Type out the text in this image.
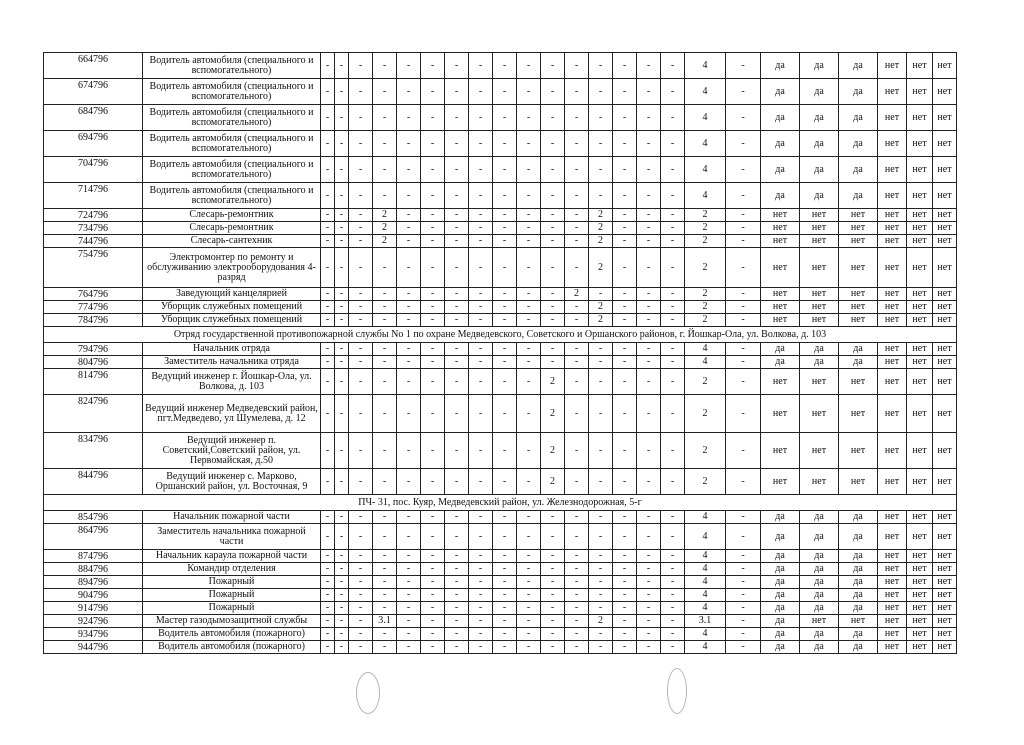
664796	Водитель автомобиля (специального и вспомогательного)	-	-	-	-	-	-	-	-	-	-	-	-	-	-	-	-	4	-	да	да	да	нет	нет	нет
674796	Водитель автомобиля (специального и вспомогательного)	-	-	-	-	-	-	-	-	-	-	-	-	-	-	-	-	4	-	да	да	да	нет	нет	нет
684796	Водитель автомобиля (специального и вспомогательного)	-	-	-	-	-	-	-	-	-	-	-	-	-	-	-	-	4	-	да	да	да	нет	нет	нет
694796	Водитель автомобиля (специального и вспомогательного)	-	-	-	-	-	-	-	-	-	-	-	-	-	-	-	-	4	-	да	да	да	нет	нет	нет
704796	Водитель автомобиля (специального и вспомогательного)	-	-	-	-	-	-	-	-	-	-	-	-	-	-	-	-	4	-	да	да	да	нет	нет	нет
714796	Водитель автомобиля (специального и вспомогательного)	-	-	-	-	-	-	-	-	-	-	-	-	-	-	-	-	4	-	да	да	да	нет	нет	нет
724796	Слесарь-ремонтник	-	-	-	2	-	-	-	-	-	-	-	-	2	-	-	-	2	-	нет	нет	нет	нет	нет	нет
734796	Слесарь-ремонтник	-	-	-	2	-	-	-	-	-	-	-	-	2	-	-	-	2	-	нет	нет	нет	нет	нет	нет
744796	Слесарь-сантехник	-	-	-	2	-	-	-	-	-	-	-	-	2	-	-	-	2	-	нет	нет	нет	нет	нет	нет
754796	Электромонтер по ремонту и обслуживанию электрооборудования 4-разряд	-	-	-	-	-	-	-	-	-	-	-	-	2	-	-	-	2	-	нет	нет	нет	нет	нет	нет
764796	Заведующий канцелярией	-	-	-	-	-	-	-	-	-	-	-	2	-	-	-	-	2	-	нет	нет	нет	нет	нет	нет
774796	Уборщик служебных помещений	-	-	-	-	-	-	-	-	-	-	-	-	2	-	-	-	2	-	нет	нет	нет	нет	нет	нет
784796	Уборщик служебных помещений	-	-	-	-	-	-	-	-	-	-	-	-	2	-	-	-	2	-	нет	нет	нет	нет	нет	нет
Отряд государственной противопожарной службы No 1 по охране Медведевского, Советского и Оршанского районов, г. Йошкар-Ола, ул. Волкова, д. 103																									
794796	Начальник отряда	-	-	-	-	-	-	-	-	-	-	-	-	-	-	-	-	4	-	да	да	да	нет	нет	нет
804796	Заместитель начальника отряда	-	-	-	-	-	-	-	-	-	-	-	-	-	-	-	-	4	-	да	да	да	нет	нет	нет
814796	Ведущий инженер г. Йошкар-Ола, ул. Волкова, д. 103	-	-	-	-	-	-	-	-	-	-	2	-	-	-	-	-	2	-	нет	нет	нет	нет	нет	нет
824796	Ведущий инженер Медведевский район, пгт.Медведево, ул Шумелева, д. 12	-	-	-	-	-	-	-	-	-	-	2	-	-	-	-	-	2	-	нет	нет	нет	нет	нет	нет
834796	Ведущий инженер п. Советский,Советский район, ул. Первомайская, д.50	-	-	-	-	-	-	-	-	-	-	2	-	-	-	-	-	2	-	нет	нет	нет	нет	нет	нет
844796	Ведущий инженер с. Марково, Оршанский район, ул. Восточная, 9	-	-	-	-	-	-	-	-	-	-	2	-	-	-	-	-	2	-	нет	нет	нет	нет	нет	нет
ПЧ- 31, пос. Куяр, Медведевский район, ул. Железнодорожная, 5-г																									
854796	Начальник пожарной части	-	-	-	-	-	-	-	-	-	-	-	-	-	-	-	-	4	-	да	да	да	нет	нет	нет
864796	Заместитель начальника пожарной части	-	-	-	-	-	-	-	-	-	-	-	-	-	-	-	-	4	-	да	да	да	нет	нет	нет
874796	Начальник караула пожарной части	-	-	-	-	-	-	-	-	-	-	-	-	-	-	-	-	4	-	да	да	да	нет	нет	нет
884796	Командир отделения	-	-	-	-	-	-	-	-	-	-	-	-	-	-	-	-	4	-	да	да	да	нет	нет	нет
894796	Пожарный	-	-	-	-	-	-	-	-	-	-	-	-	-	-	-	-	4	-	да	да	да	нет	нет	нет
904796	Пожарный	-	-	-	-	-	-	-	-	-	-	-	-	-	-	-	-	4	-	да	да	да	нет	нет	нет
914796	Пожарный	-	-	-	-	-	-	-	-	-	-	-	-	-	-	-	-	4	-	да	да	да	нет	нет	нет
924796	Мастер газодымозащитной службы	-	-	-	3.1	-	-	-	-	-	-	-	-	2	-	-	-	3.1	-	да	нет	нет	нет	нет	нет
934796	Водитель автомобиля (пожарного)	-	-	-	-	-	-	-	-	-	-	-	-	-	-	-	-	4	-	да	да	да	нет	нет	нет
944796	Водитель автомобиля (пожарного)	-	-	-	-	-	-	-	-	-	-	-	-	-	-	-	-	4	-	да	да	да	нет	нет	нет
